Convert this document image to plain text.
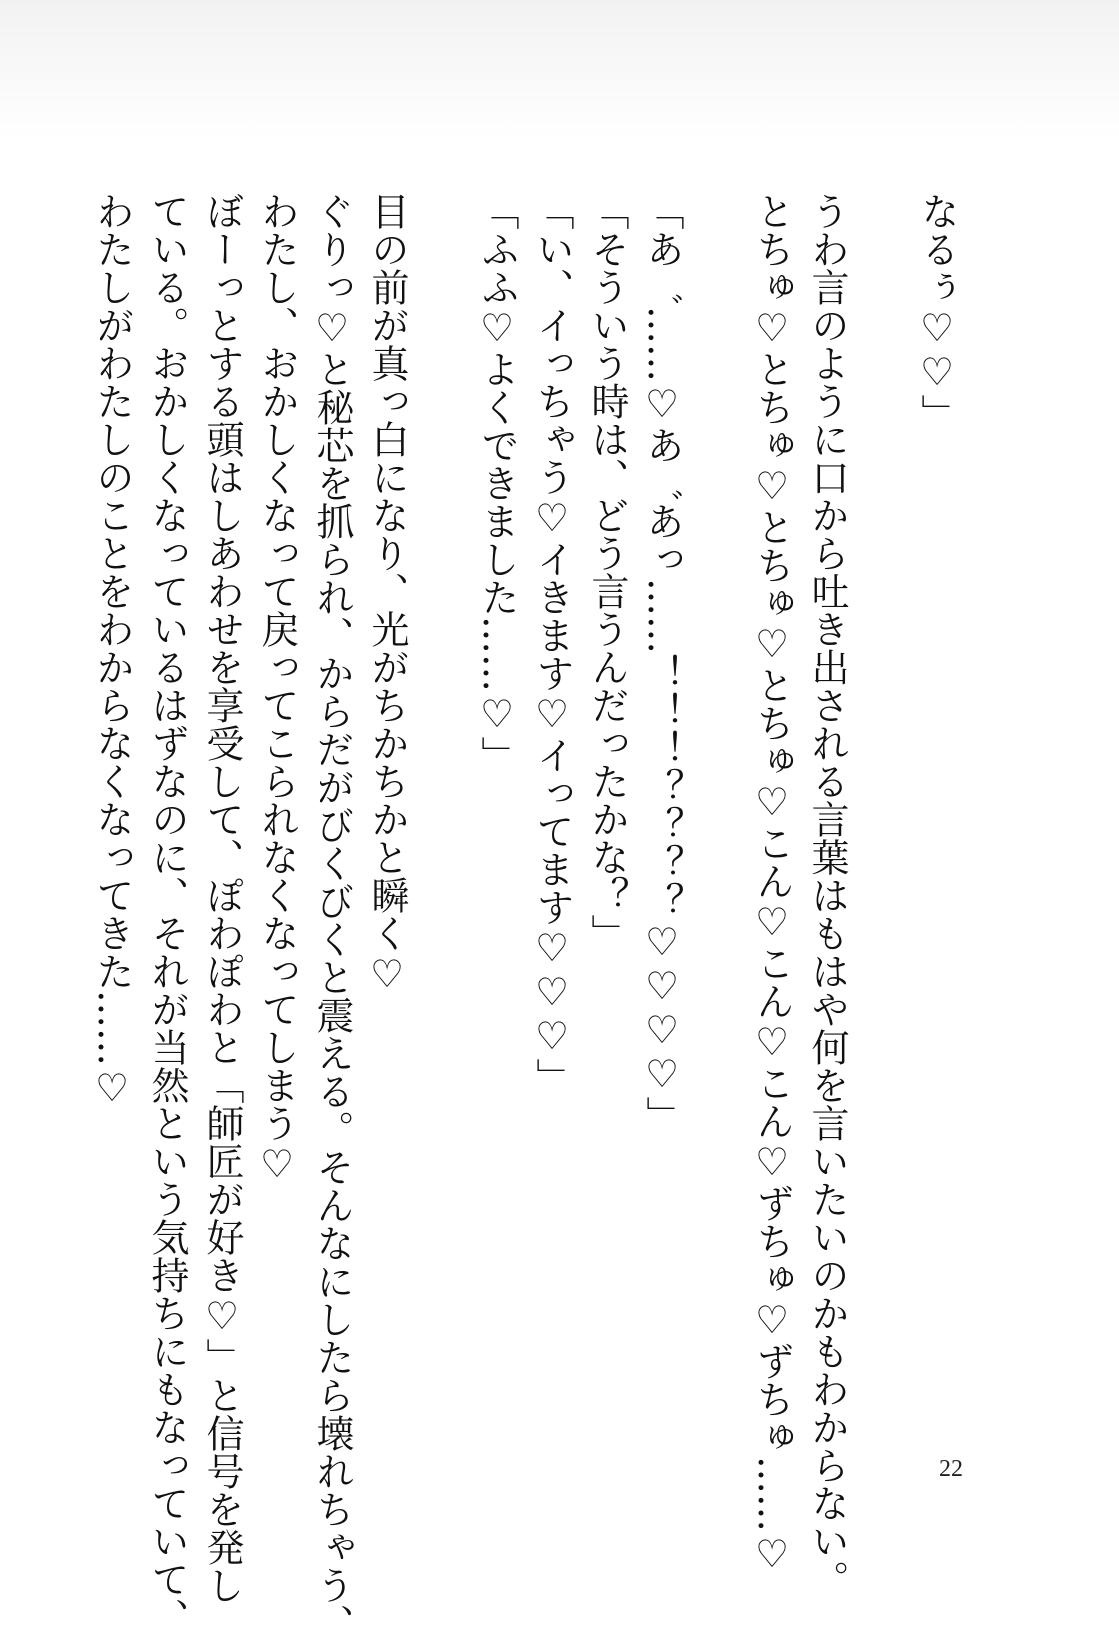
なるぅ♡♡」

うわ言のように口から吐き出される言葉はもはや何を言いたいのかもわからない。
とちゅ♡とちゅ♡とちゅ♡とちゅ♡こん♡こん♡こん♡ずちゅ♡ずちゅ……♡

「あ゛……♡あ゛あっ……！！！？？？？♡♡♡♡」
「そういう時は、どう言うんだったかな？」
「い、イっちゃう♡イきます♡イってます♡♡♡」
「ふふ♡よくできました……♡」

目の前が真っ白になり、光がちかちかと瞬く♡
ぐりっ♡と秘芯を抓られ、からだがびくびくと震える。そんなにしたら壊れちゃう、
わたし、おかしくなって戻ってこられなくなってしまう♡
ぼーっとする頭はしあわせを享受して、ぽわぽわと「師匠が好き♡」と信号を発し
ている。おかしくなっているはずなのに、それが当然という気持ちにもなっていて、
わたしがわたしのことをわからなくなってきた……♡
22
